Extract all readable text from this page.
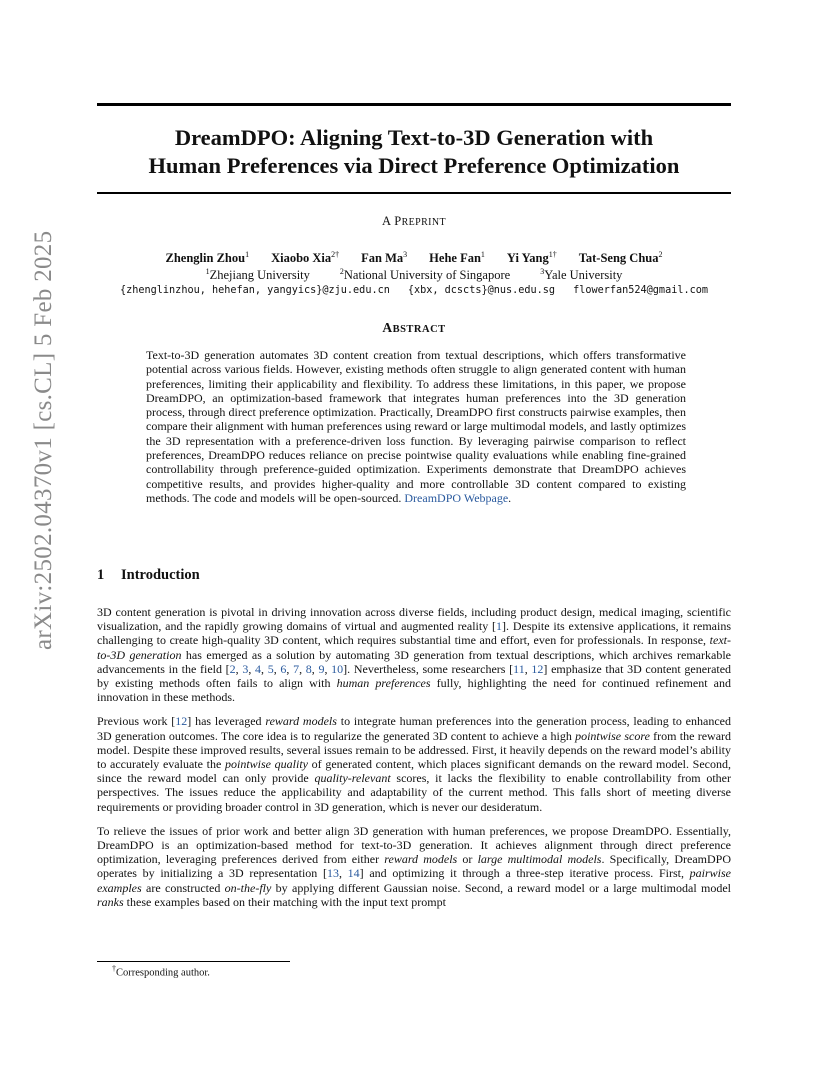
arXiv:2502.04370v1 [cs.CL] 5 Feb 2025
DreamDPO: Aligning Text-to-3D Generation with
Human Preferences via Direct Preference Optimization
A PREPRINT
Zhenglin Zhou$^1$ Xiaobo Xia$^{2\dagger}$ Fan Ma$^3$ Hehe Fan$^1$ Yi Yang$^{1\dagger}$ Tat-Seng Chua$^2$
$^1$Zhejiang University	$^2$National University of Singapore	$^3$Yale University
{zhenglinzhou, hehefan, yangyics}@zju.edu.cn {xbx, dcscts}@nus.edu.sg flowerfan524@gmail.com
ABSTRACT
Text-to-3D generation automates 3D content creation from textual descriptions, which offers transformative potential across various fields. However, existing methods often struggle to align generated content with human preferences, limiting their applicability and flexibility. To address these limitations, in this paper, we propose DreamDPO, an optimization-based framework that integrates human preferences into the 3D generation process, through direct preference optimization. Practically, DreamDPO first constructs pairwise examples, then compare their alignment with human preferences using reward or large multimodal models, and lastly optimizes the 3D representation with a preference-driven loss function. By leveraging pairwise comparison to reflect preferences, DreamDPO reduces reliance on precise pointwise quality evaluations while enabling fine-grained controllability through preference-guided optimization. Experiments demonstrate that DreamDPO achieves competitive results, and provides higher-quality and more controllable 3D content compared to existing methods. The code and models will be open-sourced. DreamDPO Webpage.
1 Introduction

3D content generation is pivotal in driving innovation across diverse fields, including product design, medical imaging, scientific visualization, and the rapidly growing domains of virtual and augmented reality [1]. Despite its extensive applications, it remains challenging to create high-quality 3D content, which requires substantial time and effort, even for professionals. In response, text-to-3D generation has emerged as a solution by automating 3D generation from textual descriptions, which archives remarkable advancements in the field [2, 3, 4, 5, 6, 7, 8, 9, 10]. Nevertheless, some researchers [11, 12] emphasize that 3D content generated by existing methods often fails to align with human preferences fully, highlighting the need for continued refinement and innovation in these methods.

Previous work [12] has leveraged reward models to integrate human preferences into the generation process, leading to enhanced 3D generation outcomes. The core idea is to regularize the generated 3D content to achieve a high pointwise score from the reward model. Despite these improved results, several issues remain to be addressed. First, it heavily depends on the reward model’s ability to accurately evaluate the pointwise quality of generated content, which places significant demands on the reward model. Second, since the reward model can only provide quality-relevant scores, it lacks the flexibility to enable controllability from other perspectives. The issues reduce the applicability and adaptability of the current method. This falls short of meeting diverse requirements or providing broader control in 3D generation, which is never our desideratum.

To relieve the issues of prior work and better align 3D generation with human preferences, we propose DreamDPO. Essentially, DreamDPO is an optimization-based method for text-to-3D generation. It achieves alignment through direct preference optimization, leveraging preferences derived from either reward models or large multimodal models. Specifically, DreamDPO operates by initializing a 3D representation [13, 14] and optimizing it through a three-step iterative process. First, pairwise examples are constructed on-the-fly by applying different Gaussian noise. Second, a reward model or a large multimodal model ranks these examples based on their matching with the input text prompt

†Corresponding author.
